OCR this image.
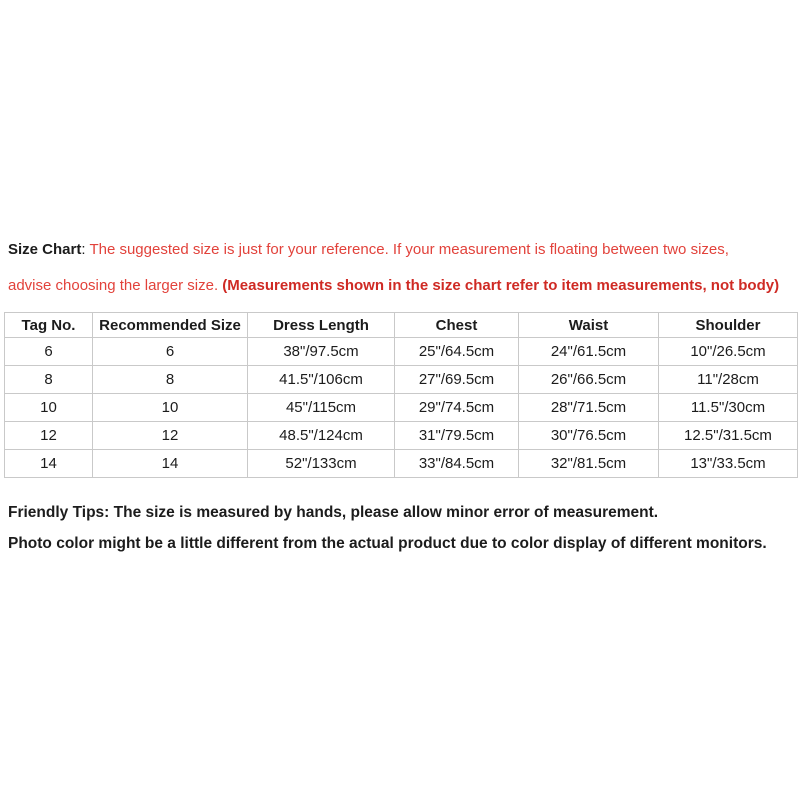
Size Chart: The suggested size is just for your reference. If your measurement is floating between two sizes,
advise choosing the larger size. (Measurements shown in the size chart refer to item measurements, not body)

Tag No.	Recommended Size	Dress Length	Chest	Waist	Shoulder
6	6	38"/97.5cm	25"/64.5cm	24"/61.5cm	10"/26.5cm
8	8	41.5"/106cm	27"/69.5cm	26"/66.5cm	11"/28cm
10	10	45"/115cm	29"/74.5cm	28"/71.5cm	11.5"/30cm
12	12	48.5"/124cm	31"/79.5cm	30"/76.5cm	12.5"/31.5cm
14	14	52"/133cm	33"/84.5cm	32"/81.5cm	13"/33.5cm

Friendly Tips: The size is measured by hands, please allow minor error of measurement.
Photo color might be a little different from the actual product due to color display of different monitors.
